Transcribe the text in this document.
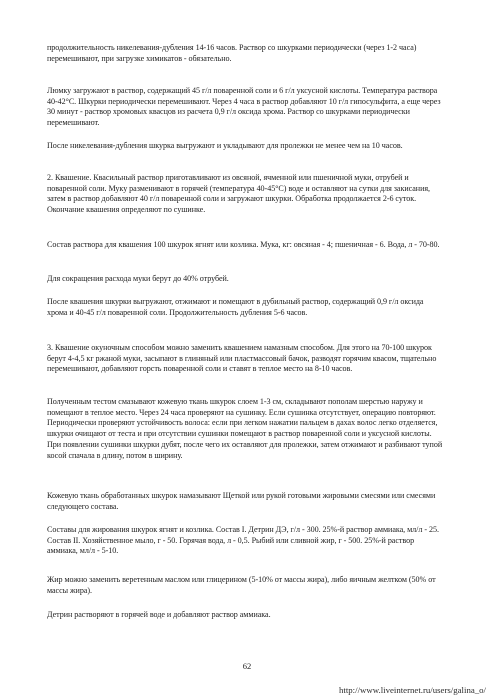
продолжительность никелевания-дубления 14-16 часов. Раствор со шкурками периодически (через 1-2 часа) перемешивают, при загрузке химикатов - обязательно.

Люмку загружают в раствор, содержащий 45 г/л поваренной соли и 6 г/л уксусной кислоты. Температура раствора 40-42°С. Шкурки периодически перемешивают. Через 4 часа в раствор добавляют 10 г/л гипосульфита, а еще через 30 минут - раствор хромовых квасцов из расчета 0,9 г/л оксида хрома. Раствор со шкурками периодически перемешивают.

После никелевания-дубления шкурка выгружают и укладывают для пролежки не менее чем на 10 часов.

2. Квашение. Квасильный раствор приготавливают из овсяной, ячменной или пшеничной муки, отрубей и поваренной соли. Муку разменивают в горячей (температура 40-45°С) воде и оставляют на сутки для закисания, затем в раствор добавляют 40 г/л поваренной соли и загружают шкурки. Обработка продолжается 2-6 суток. Окончание квашения определяют по сушинке.

Состав раствора для квашения 100 шкурок ягнят или козлика. Мука, кг: овсяная - 4; пшеничная - 6. Вода, л - 70-80.

Для сокращения расхода муки берут до 40% отрубей.

После квашения шкурки выгружают, отжимают и помещают в дубильный раствор, содержащий 0,9 г/л оксида хрома и 40-45 г/л поваренной соли. Продолжительность дубления 5-6 часов.

3. Квашение окуночным способом можно заменить квашением намазным способом. Для этого на 70-100 шкурок берут 4-4,5 кг ржаной муки, засыпают в глиняный или пластмассовый бачок, разводят горячим квасом, тщательно перемешивают, добавляют горсть поваренной соли и ставят в теплое место на 8-10 часов.

Полученным тестом смазывают кожевую ткань шкурок слоем 1-3 см, складывают пополам шерстью наружу и помещают в теплое место. Через 24 часа проверяют на сушинку. Если сушинка отсутствует, операцию повторяют. Периодически проверяют устойчивость волоса: если при легком нажатии пальцем в дахах волос легко отделяется, шкурки очищают от теста и при отсутствии сушинки помещают в раствор поваренной соли и уксусной кислоты. При появлении сушинки шкурки дубят, после чего их оставляют для пролежки, затем отжимают и разбивают тупой косой спачала в длину, потом в ширину.

Кожевую ткань обработанных шкурок намазывают Щеткой или рукой готовыми жировыми смесями или смесями следующего состава.

Составы для жирования шкурок ягнят и козлика. Состав I. Детрин ДЭ, г/л - 300. 25%-й раствор аммиака, мл/л - 25. Состав II. Хозяйственное мыло, г - 50. Горячая вода, л - 0,5. Рыбий или сливной жир, г - 500. 25%-й раствор аммиака, мл/л - 5-10.

Жир можно заменить веретенным маслом или глицерином (5-10% от массы жира), либо яичным желтком (50% от массы жира).

Детрин растворяют в горячей воде и добавляют раствор аммиака.

62
http://www.liveinternet.ru/users/galina_o/
